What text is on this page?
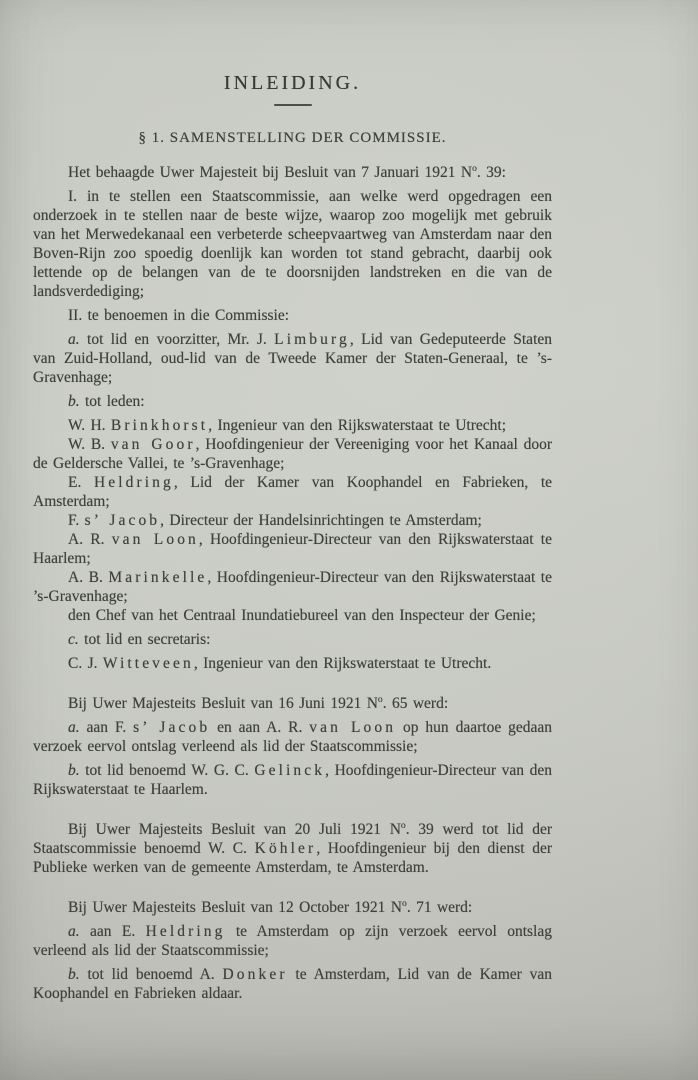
INLEIDING.
§ 1. SAMENSTELLING DER COMMISSIE.

Het behaagde Uwer Majesteit bij Besluit van 7 Januari 1921 $N^o$. 39:

I. in te stellen een Staatscommissie, aan welke werd opgedragen een onderzoek in te stellen naar de beste wijze, waarop zoo mogelijk met gebruik van het Merwedekanaal een verbeterde scheepvaartweg van Amsterdam naar den Boven-Rijn zoo spoedig doenlijk kan worden tot stand gebracht, daarbij ook lettende op de belangen van de te doorsnijden landstreken en die van de landsverdediging;

II. te benoemen in die Commissie:

a. tot lid en voorzitter, Mr. J. Limburg, Lid van Gedeputeerde Staten van Zuid-Holland, oud-lid van de Tweede Kamer der Staten-Generaal, te ’s-Gravenhage;

b. tot leden:

W. H. Brinkhorst, Ingenieur van den Rijkswaterstaat te Utrecht;

W. B. van Goor, Hoofdingenieur der Vereeniging voor het Kanaal door de Geldersche Vallei, te ’s-Gravenhage;

E. Heldring, Lid der Kamer van Koophandel en Fabrieken, te Amsterdam;

F. s’ Jacob, Directeur der Handelsinrichtingen te Amsterdam;

A. R. van Loon, Hoofdingenieur-Directeur van den Rijkswaterstaat te Haarlem;

A. B. Marinkelle, Hoofdingenieur-Directeur van den Rijkswaterstaat te ’s-Gravenhage;

den Chef van het Centraal Inundatiebureel van den Inspecteur der Genie;

c. tot lid en secretaris:

C. J. Witteveen, Ingenieur van den Rijkswaterstaat te Utrecht.

Bij Uwer Majesteits Besluit van 16 Juni 1921 $N^o$. 65 werd:

a. aan F. s’ Jacob en aan A. R. van Loon op hun daartoe gedaan verzoek eervol ontslag verleend als lid der Staatscommissie;

b. tot lid benoemd W. G. C. Gelinck, Hoofdingenieur-Directeur van den Rijkswaterstaat te Haarlem.

Bij Uwer Majesteits Besluit van 20 Juli 1921 $N^o$. 39 werd tot lid der Staatscommissie benoemd W. C. Köhler, Hoofdingenieur bij den dienst der Publieke werken van de gemeente Amsterdam, te Amsterdam.

Bij Uwer Majesteits Besluit van 12 October 1921 $N^o$. 71 werd:

a. aan E. Heldring te Amsterdam op zijn verzoek eervol ontslag verleend als lid der Staatscommissie;

b. tot lid benoemd A. Donker te Amsterdam, Lid van de Kamer van Koophandel en Fabrieken aldaar.
